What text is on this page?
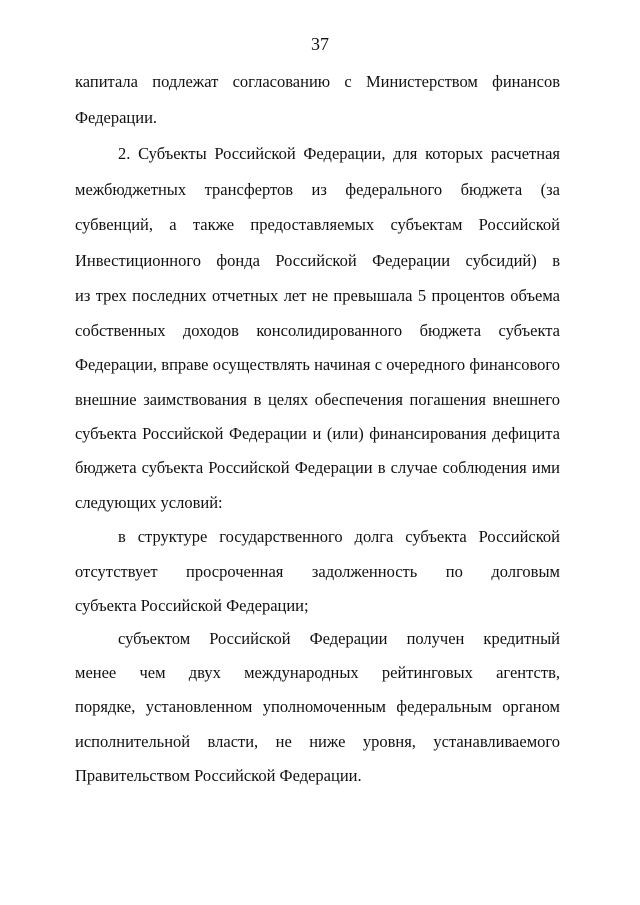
37
капитала подлежат согласованию с Министерством финансов
Федерации.
2. Субъекты Российской Федерации, для которых расчетная
межбюджетных трансфертов из федерального бюджета (за
субвенций, а также предоставляемых субъектам Российской
Инвестиционного фонда Российской Федерации субсидий) в
из трех последних отчетных лет не превышала 5 процентов объема
собственных доходов консолидированного бюджета субъекта
Федерации, вправе осуществлять начиная с очередного финансового
внешние заимствования в целях обеспечения погашения внешнего
субъекта Российской Федерации и (или) финансирования дефицита
бюджета субъекта Российской Федерации в случае соблюдения ими
следующих условий:
в структуре государственного долга субъекта Российской
отсутствует просроченная задолженность по долговым
субъекта Российской Федерации;
субъектом Российской Федерации получен кредитный
менее чем двух международных рейтинговых агентств,
порядке, установленном уполномоченным федеральным органом
исполнительной власти, не ниже уровня, устанавливаемого
Правительством Российской Федерации.
